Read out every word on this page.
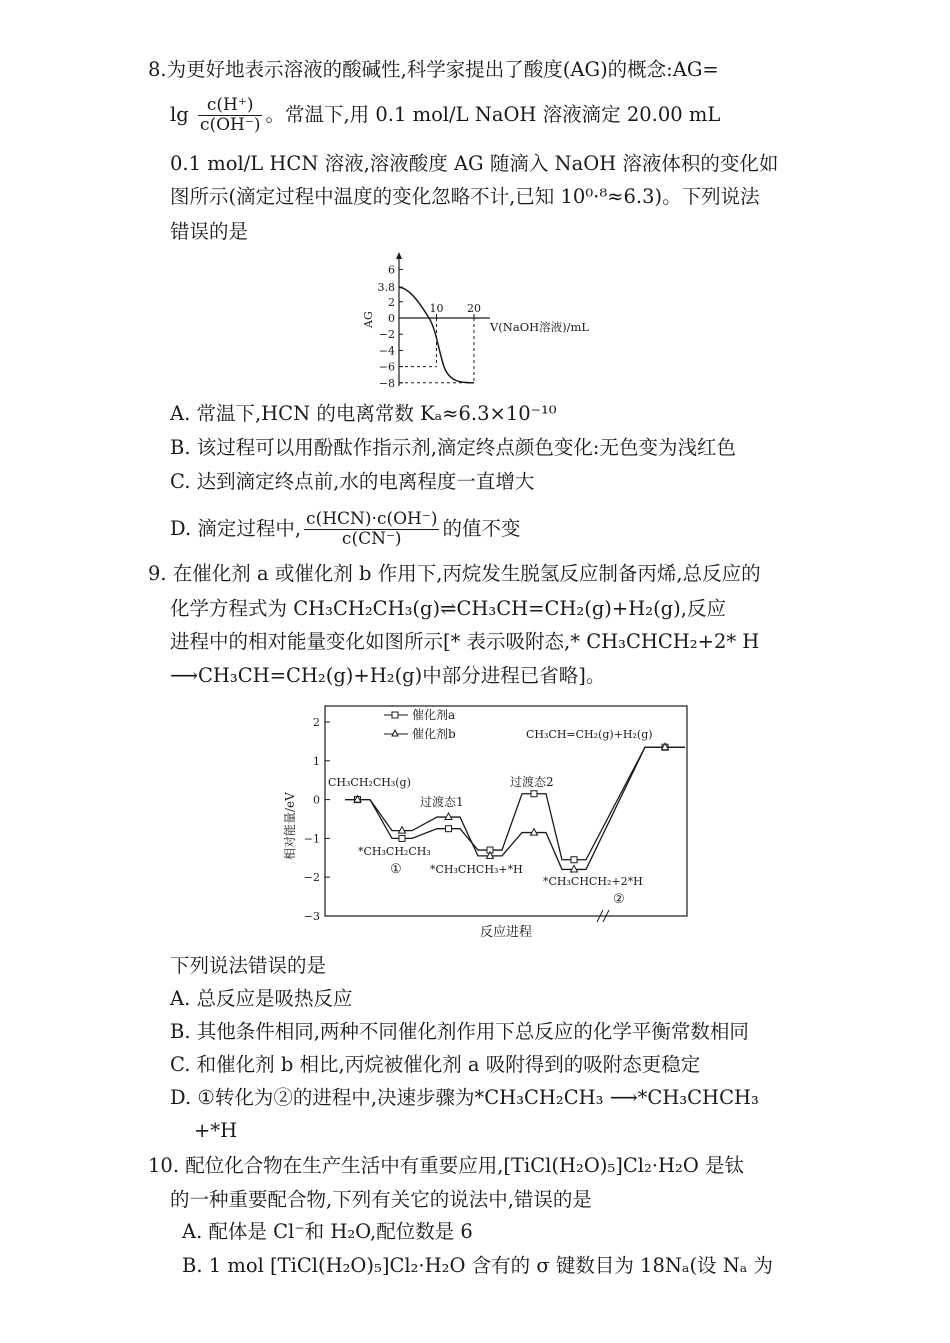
8.为更好地表示溶液的酸碱性,科学家提出了酸度(AG)的概念:AG=
$\lg \frac{c(H^+)}{c(OH^-)}$ 。常温下,用 0.1 mol/L NaOH 溶液滴定 20.00 mL
0.1 mol/L HCN 溶液,溶液酸度 AG 随滴入 NaOH 溶液体积的变化如
图所示(滴定过程中温度的变化忽略不计,已知 10⁰·⁸≈6.3)。下列说法
错误的是
AG
6
3.8
2
0
−2
−4
−6
−8
10 20
V(NaOH溶液)/mL
A. 常温下,HCN 的电离常数 Kₐ≈6.3×10⁻¹⁰
B. 该过程可以用酚酞作指示剂,滴定终点颜色变化:无色变为浅红色
C. 达到滴定终点前,水的电离程度一直增大
D. 滴定过程中, $\frac{\text{c(HCN)·c(OH⁻)}}{c(CN^-)}$ 的值不变
9. 在催化剂 a 或催化剂 b 作用下,丙烷发生脱氢反应制备丙烯,总反应的
化学方程式为 CH₃CH₂CH₃(g)⇌CH₃CH=CH₂(g)+H₂(g),反应
进程中的相对能量变化如图所示[* 表示吸附态,* CH₃CHCH₂+2* H
⟶CH₃CH=CH₂(g)+H₂(g)中部分进程已省略]。
2
1
0
−1
−2
−3
相对能量/eV
反应进程
催化剂a
催化剂b
CH₃CH₂CH₃(g)
过渡态1
过渡态2
CH₃CH=CH₂(g)+H₂(g)
*CH₃CH₂CH₃
①	*CH₃CHCH₃+*H
*CH₃CHCH₂+2*H
②
下列说法错误的是
A. 总反应是吸热反应
B. 其他条件相同,两种不同催化剂作用下总反应的化学平衡常数相同
C. 和催化剂 b 相比,丙烷被催化剂 a 吸附得到的吸附态更稳定
D. ①转化为②的进程中,决速步骤为*CH₃CH₂CH₃ ⟶*CH₃CHCH₃
+*H
10. 配位化合物在生产生活中有重要应用,[TiCl(H₂O)₅]Cl₂·H₂O 是钛
的一种重要配合物,下列有关它的说法中,错误的是
A. 配体是 Cl⁻和 H₂O,配位数是 6
B. 1 mol [TiCl(H₂O)₅]Cl₂·H₂O 含有的 σ 键数目为 18Nₐ(设 Nₐ 为
